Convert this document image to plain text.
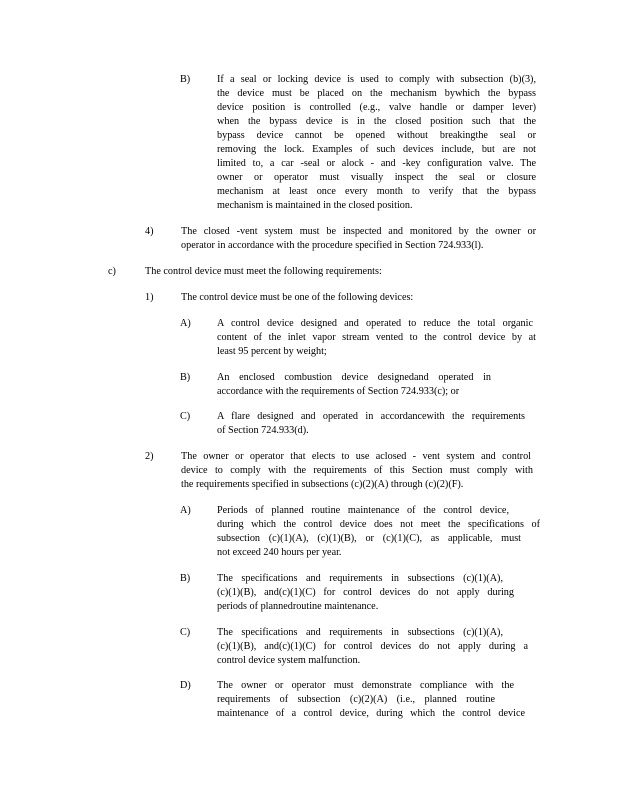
B)	If a seal or locking device is used to comply with subsection (b)(3),
the device must be placed on the mechanism bywhich the bypass
device position is controlled (e.g., valve handle or damper lever)
when the bypass device is in the closed position such that the
bypass device cannot be opened without breakingthe seal or
removing the lock. Examples of such devices include, but are not
limited to, a car -seal or alock - and -key configuration valve. The
owner or operator must visually inspect the seal or closure
mechanism at least once every month to verify that the bypass
mechanism is maintained in the closed position.
4)	The closed -vent system must be inspected and monitored by the owner or
operator in accordance with the procedure specified in Section 724.933(l).
c)	The control device must meet the following requirements:
1)	The control device must be one of the following devices:
A)	A control device designed and operated to reduce the total organic
content of the inlet vapor stream vented to the control device by at
least 95 percent by weight;
B)	An enclosed combustion device designedand operated in
accordance with the requirements of Section 724.933(c); or
C)	A flare designed and operated in accordancewith the requirements
of Section 724.933(d).
2)	The owner or operator that elects to use aclosed - vent system and control
device to comply with the requirements of this Section must comply with
the requirements specified in subsections (c)(2)(A) through (c)(2)(F).
A)	Periods of planned routine maintenance of the control device,
during which the control device does not meet the specifications of
subsection (c)(1)(A), (c)(1)(B), or (c)(1)(C), as applicable, must
not exceed 240 hours per year.
B)	The specifications and requirements in subsections (c)(1)(A),
(c)(1)(B), and(c)(1)(C) for control devices do not apply during
periods of plannedroutine maintenance.
C)	The specifications and requirements in subsections (c)(1)(A),
(c)(1)(B), and(c)(1)(C) for control devices do not apply during a
control device system malfunction.
D)	The owner or operator must demonstrate compliance with the
requirements of subsection (c)(2)(A) (i.e., planned routine
maintenance of a control device, during which the control device
